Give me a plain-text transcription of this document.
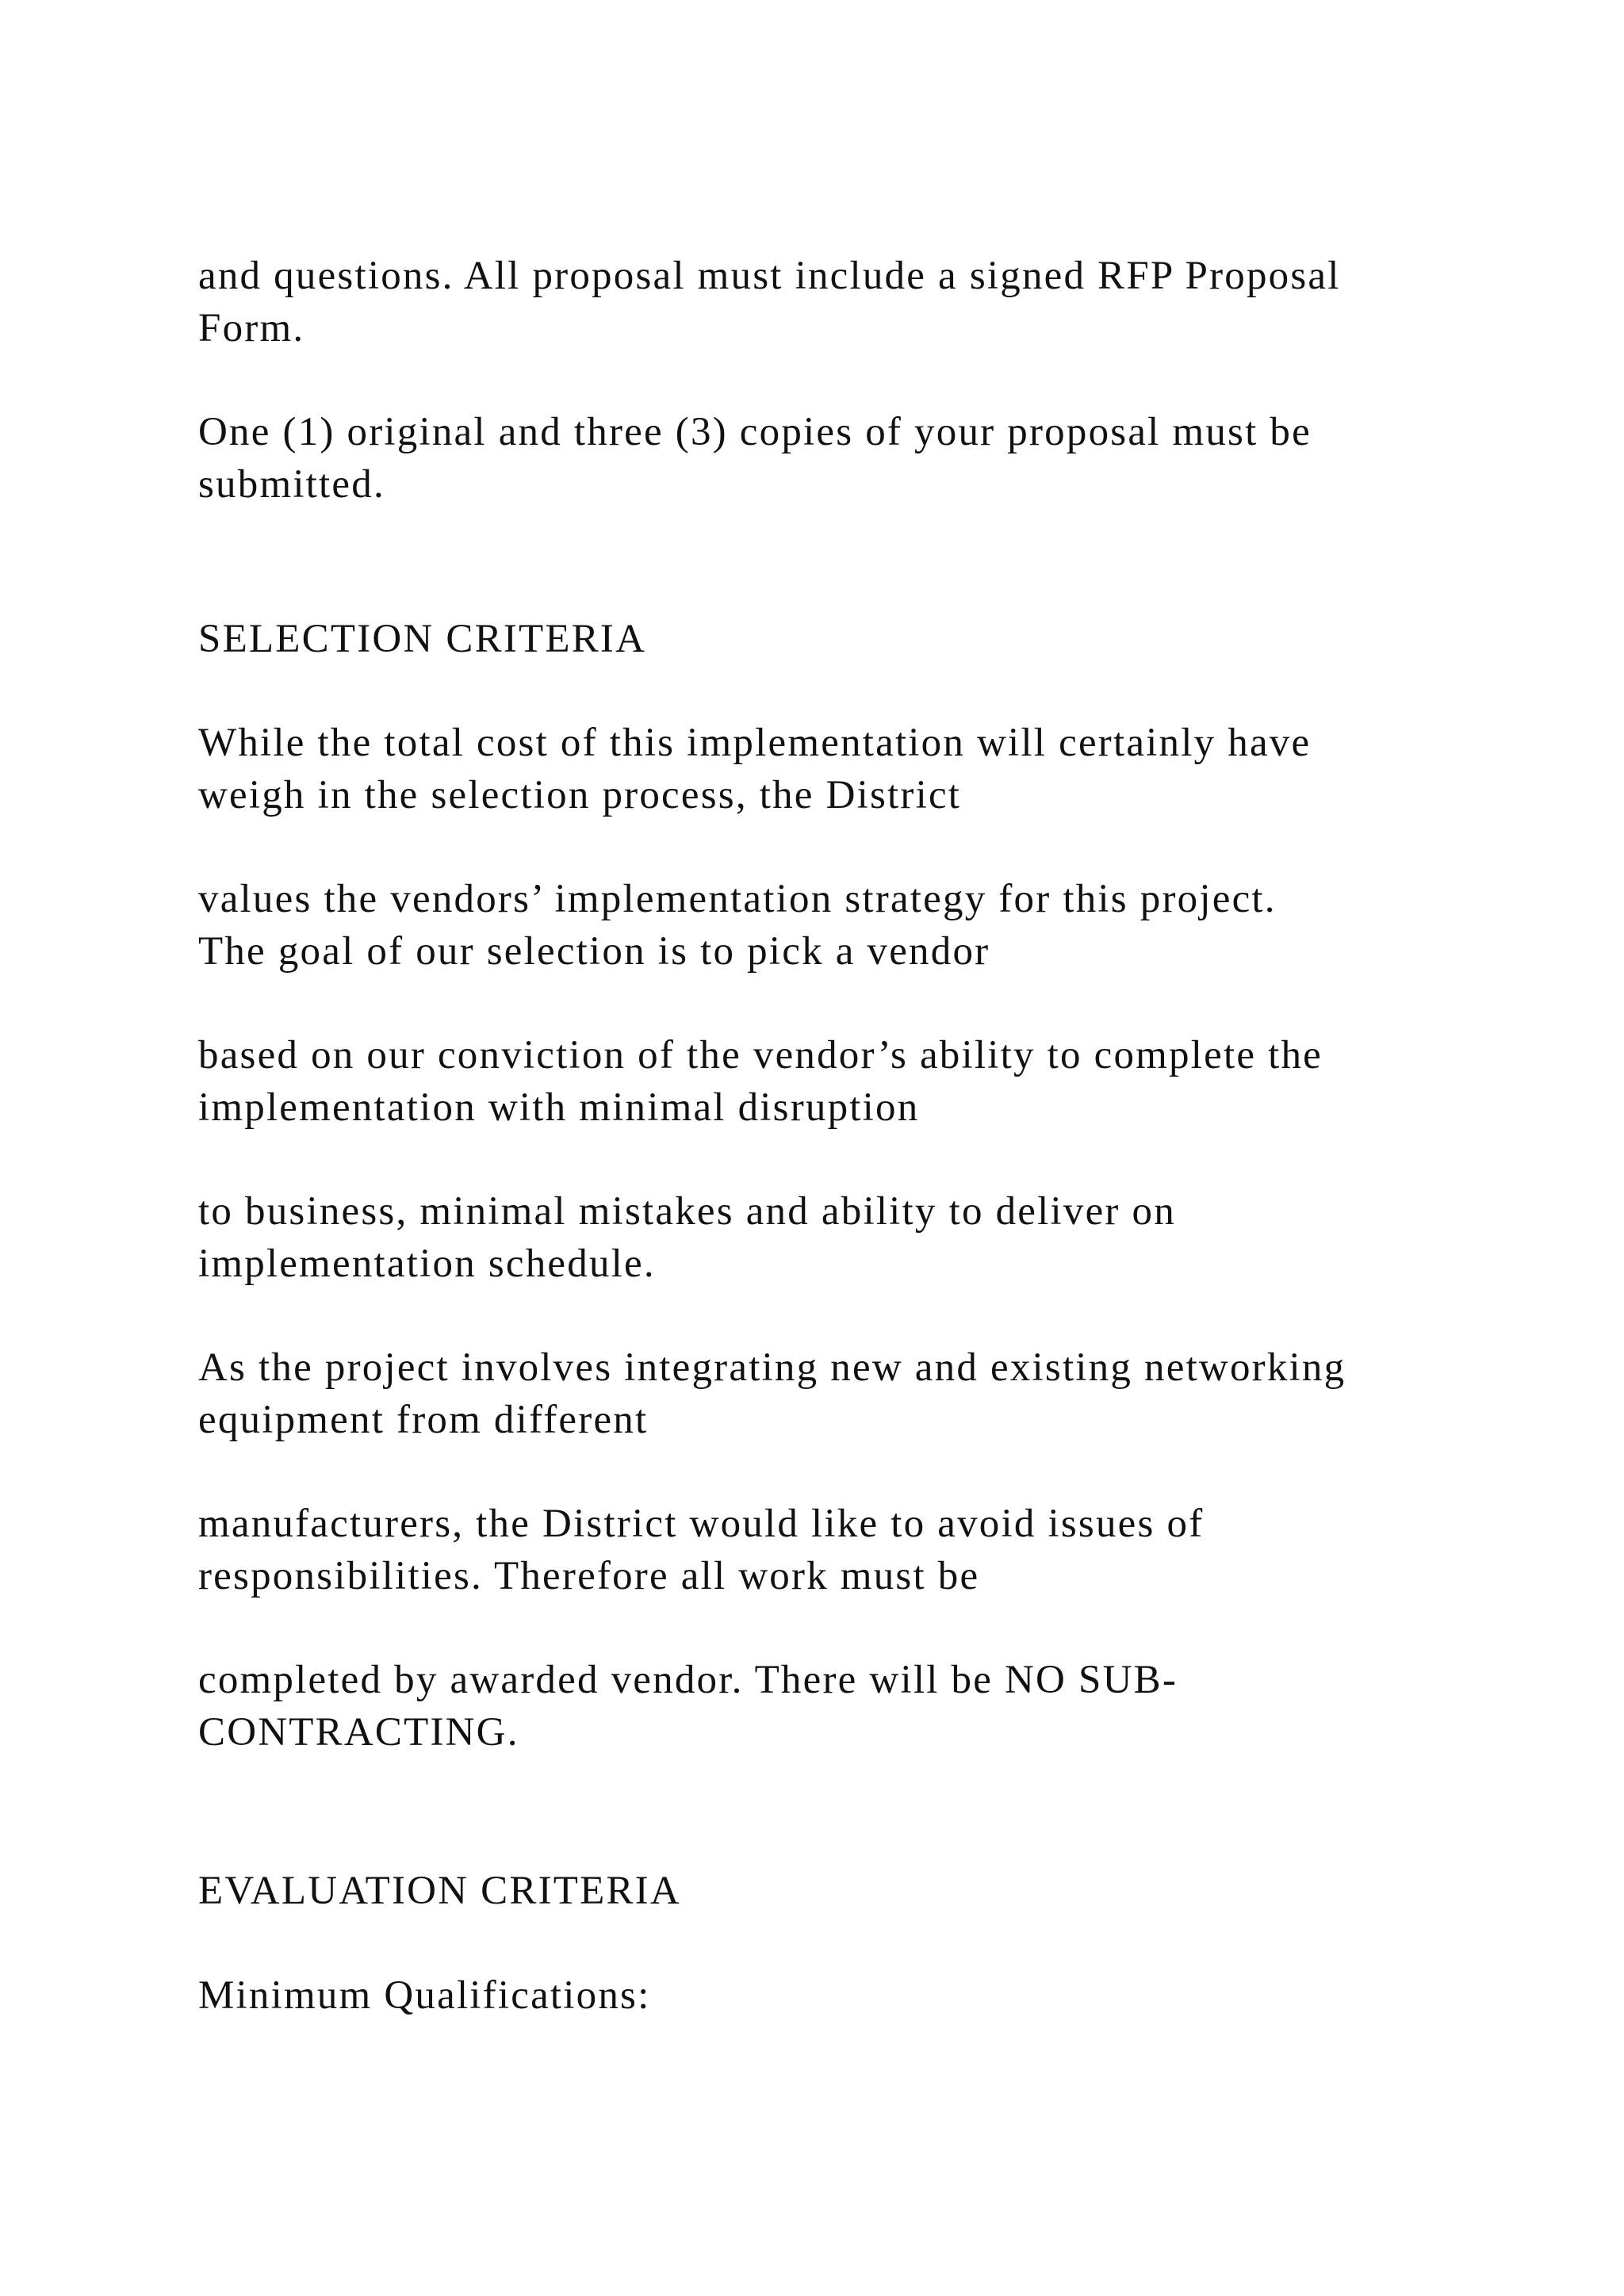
and questions. All proposal must include a signed RFP Proposal
Form.

One (1) original and three (3) copies of your proposal must be
submitted.

SELECTION CRITERIA

While the total cost of this implementation will certainly have
weigh in the selection process, the District

values the vendors’ implementation strategy for this project.
The goal of our selection is to pick a vendor

based on our conviction of the vendor’s ability to complete the
implementation with minimal disruption

to business, minimal mistakes and ability to deliver on
implementation schedule.

As the project involves integrating new and existing networking
equipment from different

manufacturers, the District would like to avoid issues of
responsibilities. Therefore all work must be

completed by awarded vendor. There will be NO SUB-
CONTRACTING.

EVALUATION CRITERIA

Minimum Qualifications:
